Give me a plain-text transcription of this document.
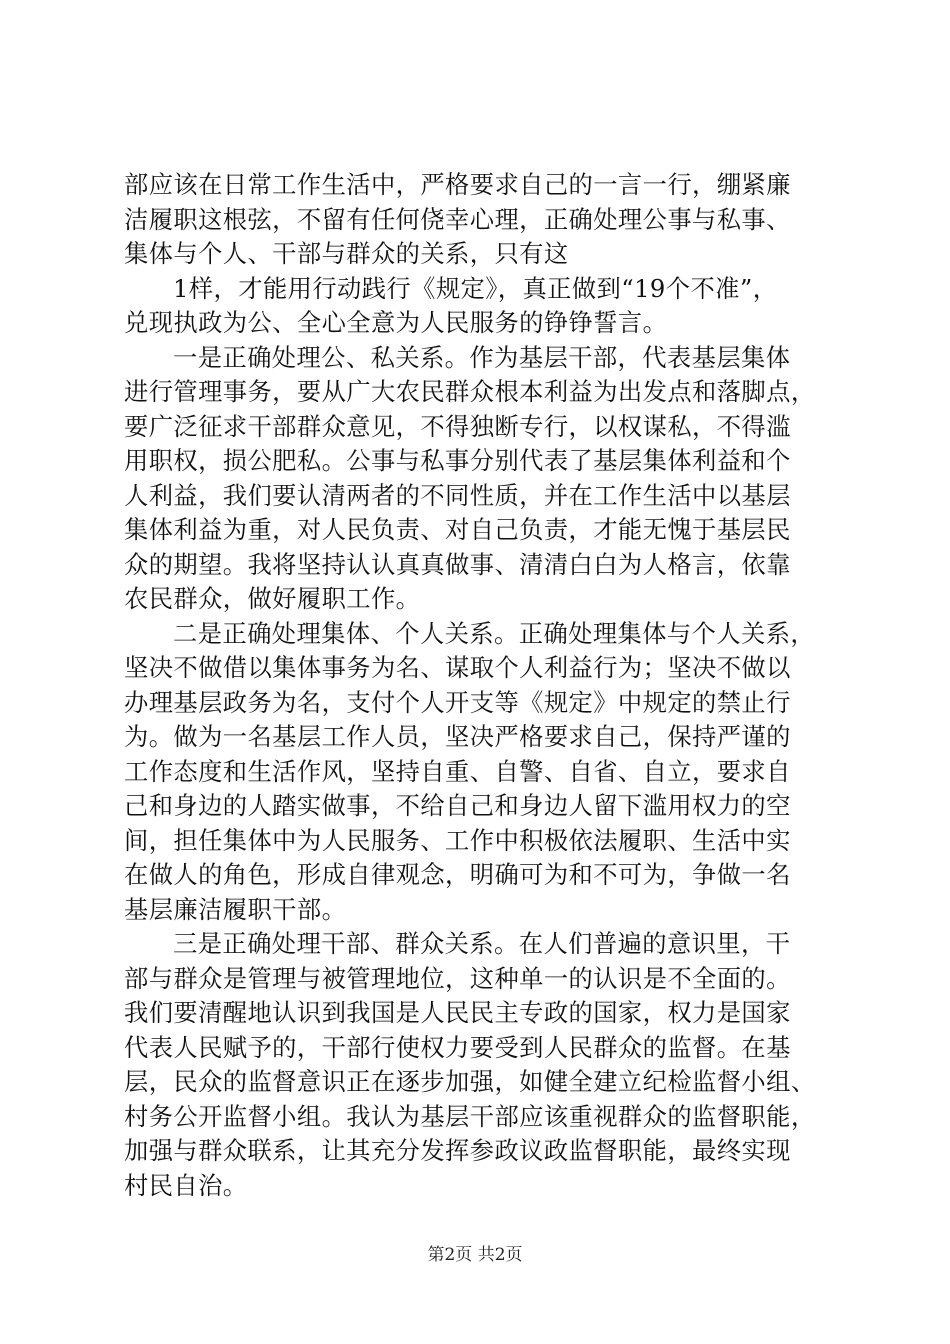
部应该在日常工作生活中，严格要求自己的一言一行，绷紧廉
洁履职这根弦，不留有任何侥幸心理，正确处理公事与私事、
集体与个人、干部与群众的关系，只有这
1样，才能用行动践行《规定》，真正做到“19个不准”，
兑现执政为公、全心全意为人民服务的铮铮誓言。
一是正确处理公、私关系。作为基层干部，代表基层集体
进行管理事务，要从广大农民群众根本利益为出发点和落脚点，
要广泛征求干部群众意见，不得独断专行，以权谋私，不得滥
用职权，损公肥私。公事与私事分别代表了基层集体利益和个
人利益，我们要认清两者的不同性质，并在工作生活中以基层
集体利益为重，对人民负责、对自己负责，才能无愧于基层民
众的期望。我将坚持认认真真做事、清清白白为人格言，依靠
农民群众，做好履职工作。
二是正确处理集体、个人关系。正确处理集体与个人关系，
坚决不做借以集体事务为名、谋取个人利益行为；坚决不做以
办理基层政务为名，支付个人开支等《规定》中规定的禁止行
为。做为一名基层工作人员，坚决严格要求自己，保持严谨的
工作态度和生活作风，坚持自重、自警、自省、自立，要求自
己和身边的人踏实做事，不给自己和身边人留下滥用权力的空
间，担任集体中为人民服务、工作中积极依法履职、生活中实
在做人的角色，形成自律观念，明确可为和不可为，争做一名
基层廉洁履职干部。
三是正确处理干部、群众关系。在人们普遍的意识里，干
部与群众是管理与被管理地位，这种单一的认识是不全面的。
我们要清醒地认识到我国是人民民主专政的国家，权力是国家
代表人民赋予的，干部行使权力要受到人民群众的监督。在基
层，民众的监督意识正在逐步加强，如健全建立纪检监督小组、
村务公开监督小组。我认为基层干部应该重视群众的监督职能，
加强与群众联系，让其充分发挥参政议政监督职能，最终实现
村民自治。
第2页 共2页
